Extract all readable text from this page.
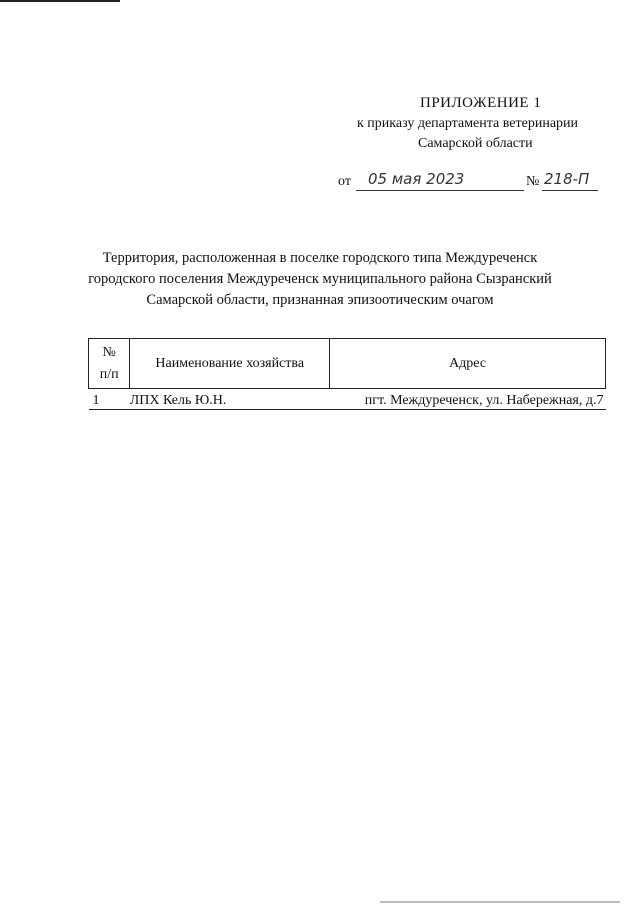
ПРИЛОЖЕНИЕ 1
к приказу департамента ветеринарии
Самарской области
от 05 мая 2023	№ 218-П
Территория, расположенная в поселке городского типа Междуреченск
городского поселения Междуреченск муниципального района Сызранский
Самарской области, признанная эпизоотическим очагом
№
п/п	Наименование хозяйства	Адрес
1	ЛПХ Кель Ю.Н.	пгт. Междуреченск, ул. Набережная, д.7
